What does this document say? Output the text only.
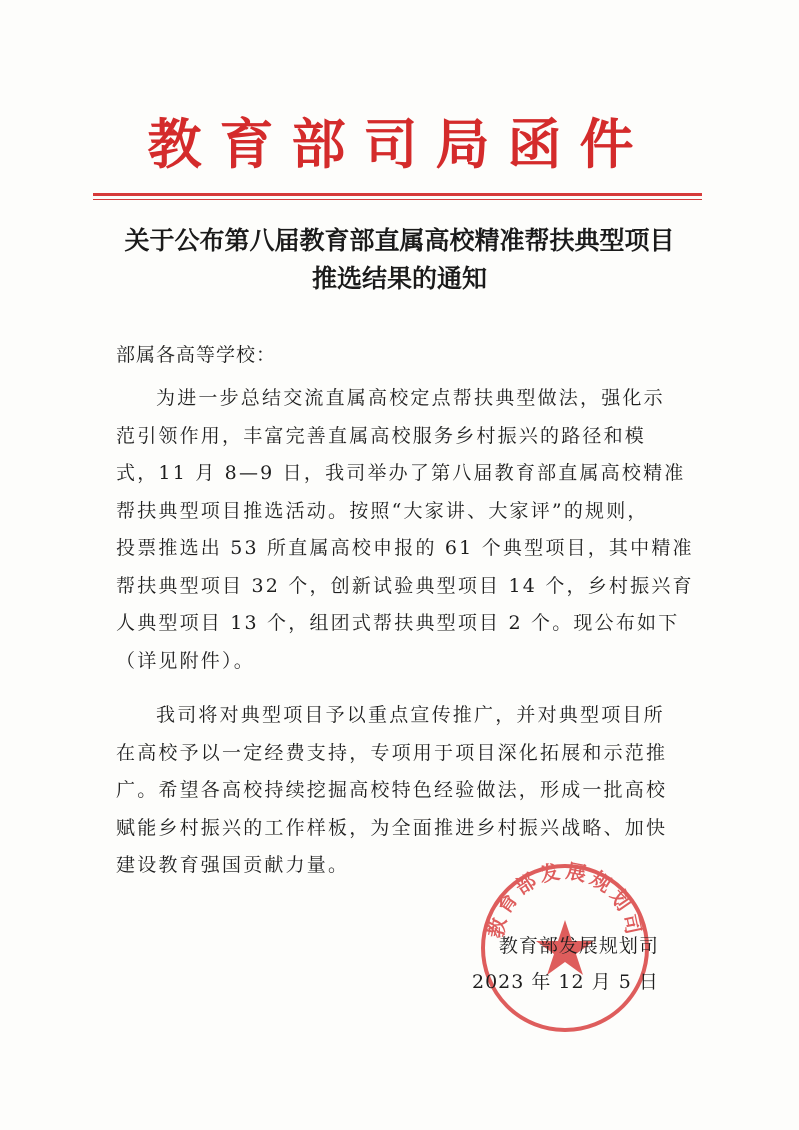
教育部司局函件
关于公布第八届教育部直属高校精准帮扶典型项目
推选结果的通知
部属各高等学校：
为进一步总结交流直属高校定点帮扶典型做法，强化示
范引领作用，丰富完善直属高校服务乡村振兴的路径和模
式，11 月 8—9 日，我司举办了第八届教育部直属高校精准
帮扶典型项目推选活动。按照“大家讲、大家评”的规则，
投票推选出 53 所直属高校申报的 61 个典型项目，其中精准
帮扶典型项目 32 个，创新试验典型项目 14 个，乡村振兴育
人典型项目 13 个，组团式帮扶典型项目 2 个。现公布如下
（详见附件）。
我司将对典型项目予以重点宣传推广，并对典型项目所
在高校予以一定经费支持，专项用于项目深化拓展和示范推
广。希望各高校持续挖掘高校特色经验做法，形成一批高校
赋能乡村振兴的工作样板，为全面推进乡村振兴战略、加快
建设教育强国贡献力量。
教育部发展规划司
教育部发展规划司
2023 年 12 月 5 日
